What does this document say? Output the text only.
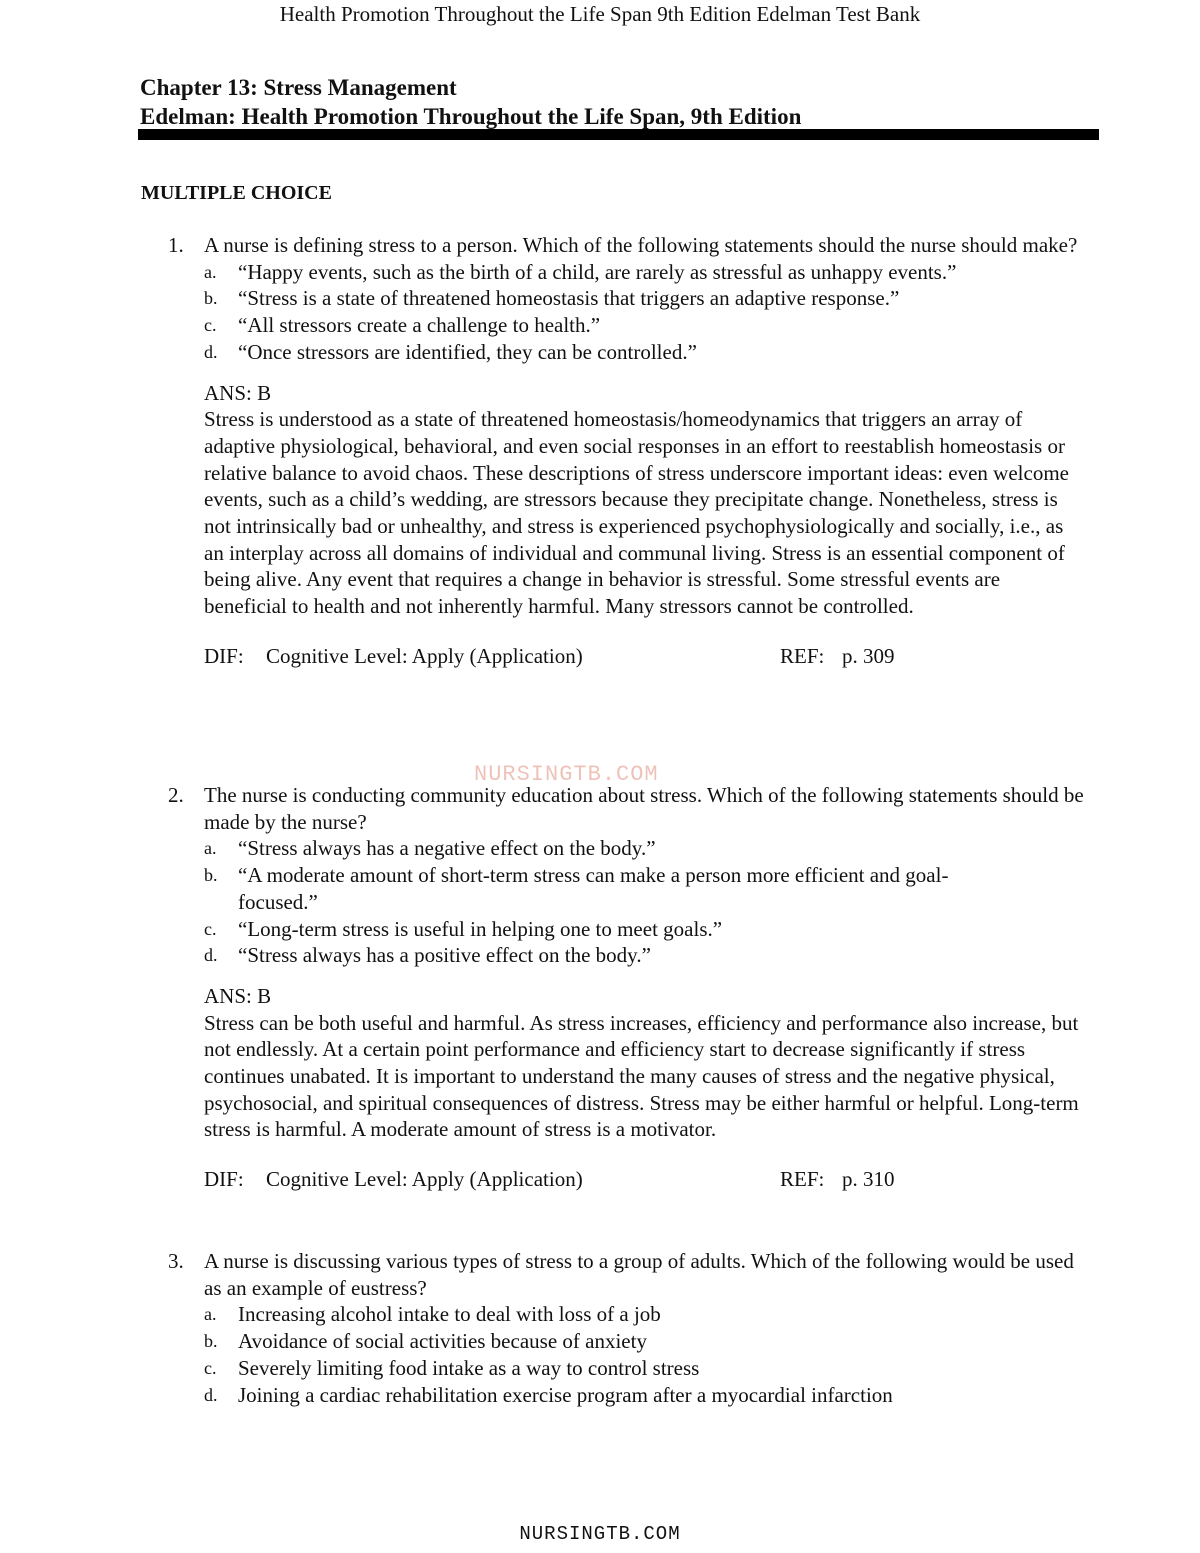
Health Promotion Throughout the Life Span 9th Edition Edelman Test Bank
Chapter 13: Stress Management
Edelman: Health Promotion Throughout the Life Span, 9th Edition
MULTIPLE CHOICE
1. A nurse is defining stress to a person. Which of the following statements should the nurse should make?
a. “Happy events, such as the birth of a child, are rarely as stressful as unhappy events.”
b. “Stress is a state of threatened homeostasis that triggers an adaptive response.”
c. “All stressors create a challenge to health.”
d. “Once stressors are identified, they can be controlled.”
ANS: B
Stress is understood as a state of threatened homeostasis/homeodynamics that triggers an array of adaptive physiological, behavioral, and even social responses in an effort to reestablish homeostasis or relative balance to avoid chaos. These descriptions of stress underscore important ideas: even welcome events, such as a child’s wedding, are stressors because they precipitate change. Nonetheless, stress is not intrinsically bad or unhealthy, and stress is experienced psychophysiologically and socially, i.e., as an interplay across all domains of individual and communal living. Stress is an essential component of being alive. Any event that requires a change in behavior is stressful. Some stressful events are beneficial to health and not inherently harmful. Many stressors cannot be controlled.
DIF: Cognitive Level: Apply (Application)	REF: p. 309
NURSINGTB.COM
2. The nurse is conducting community education about stress. Which of the following statements should be made by the nurse?
a. “Stress always has a negative effect on the body.”
b. “A moderate amount of short-term stress can make a person more efficient and goal-focused.”
c. “Long-term stress is useful in helping one to meet goals.”
d. “Stress always has a positive effect on the body.”
ANS: B
Stress can be both useful and harmful. As stress increases, efficiency and performance also increase, but not endlessly. At a certain point performance and efficiency start to decrease significantly if stress continues unabated. It is important to understand the many causes of stress and the negative physical, psychosocial, and spiritual consequences of distress. Stress may be either harmful or helpful. Long-term stress is harmful. A moderate amount of stress is a motivator.
DIF: Cognitive Level: Apply (Application)	REF: p. 310
3. A nurse is discussing various types of stress to a group of adults. Which of the following would be used as an example of eustress?
a. Increasing alcohol intake to deal with loss of a job
b. Avoidance of social activities because of anxiety
c. Severely limiting food intake as a way to control stress
d. Joining a cardiac rehabilitation exercise program after a myocardial infarction
NURSINGTB.COM
